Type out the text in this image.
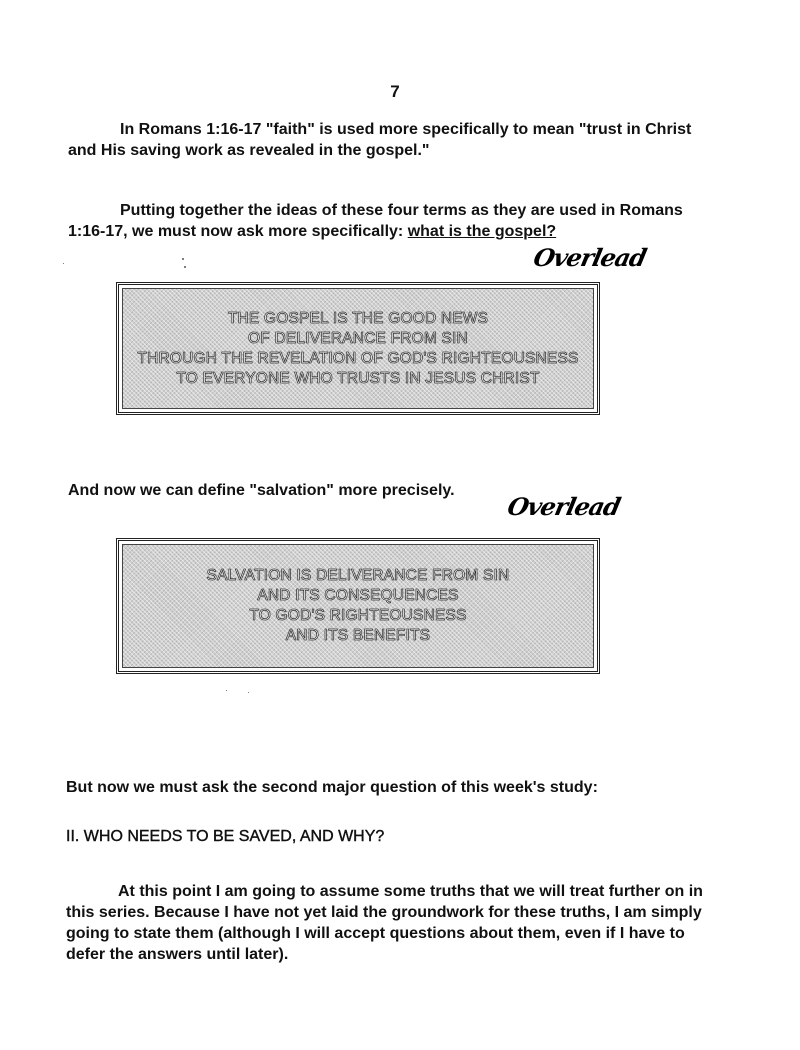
7

In Romans 1:16-17 "faith" is used more specifically to mean "trust in Christ and His saving work as revealed in the gospel."

Putting together the ideas of these four terms as they are used in Romans 1:16-17, we must now ask more specifically: what is the gospel?

Overlead
THE GOSPEL IS THE GOOD NEWS
OF DELIVERANCE FROM SIN
THROUGH THE REVELATION OF GOD'S RIGHTEOUSNESS
TO EVERYONE WHO TRUSTS IN JESUS CHRIST

And now we can define "salvation" more precisely.

Overlead
SALVATION IS DELIVERANCE FROM SIN
AND ITS CONSEQUENCES
TO GOD'S RIGHTEOUSNESS
AND ITS BENEFITS

But now we must ask the second major question of this week's study:

II. WHO NEEDS TO BE SAVED, AND WHY?

At this point I am going to assume some truths that we will treat further on in this series. Because I have not yet laid the groundwork for these truths, I am simply going to state them (although I will accept questions about them, even if I have to defer the answers until later).
